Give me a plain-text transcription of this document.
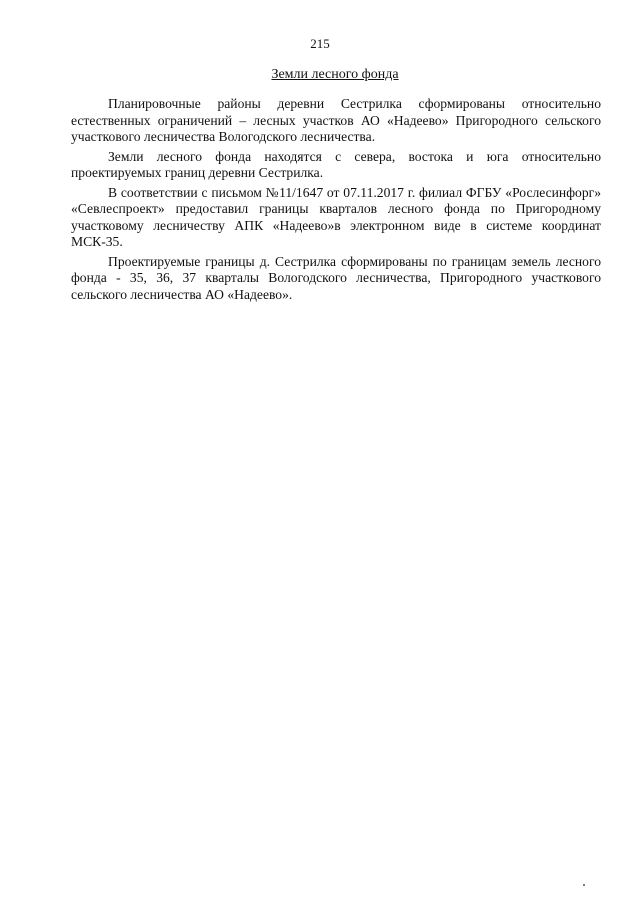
215
Земли лесного фонда

Планировочные районы деревни Сестрилка сформированы относительно естественных ограничений – лесных участков АО «Надеево» Пригородного сельского участкового лесничества Вологодского лесничества.

Земли лесного фонда находятся с севера, востока и юга относительно проектируемых границ деревни Сестрилка.

В соответствии с письмом №11/1647 от 07.11.2017 г. филиал ФГБУ «Рослесинфорг» «Севлеспроект» предоставил границы кварталов лесного фонда по Пригородному участковому лесничеству АПК «Надеево»в электронном виде в системе координат МСК-35.

Проектируемые границы д. Сестрилка сформированы по границам земель лесного фонда - 35, 36, 37 кварталы Вологодского лесничества, Пригородного участкового сельского лесничества АО «Надеево».
